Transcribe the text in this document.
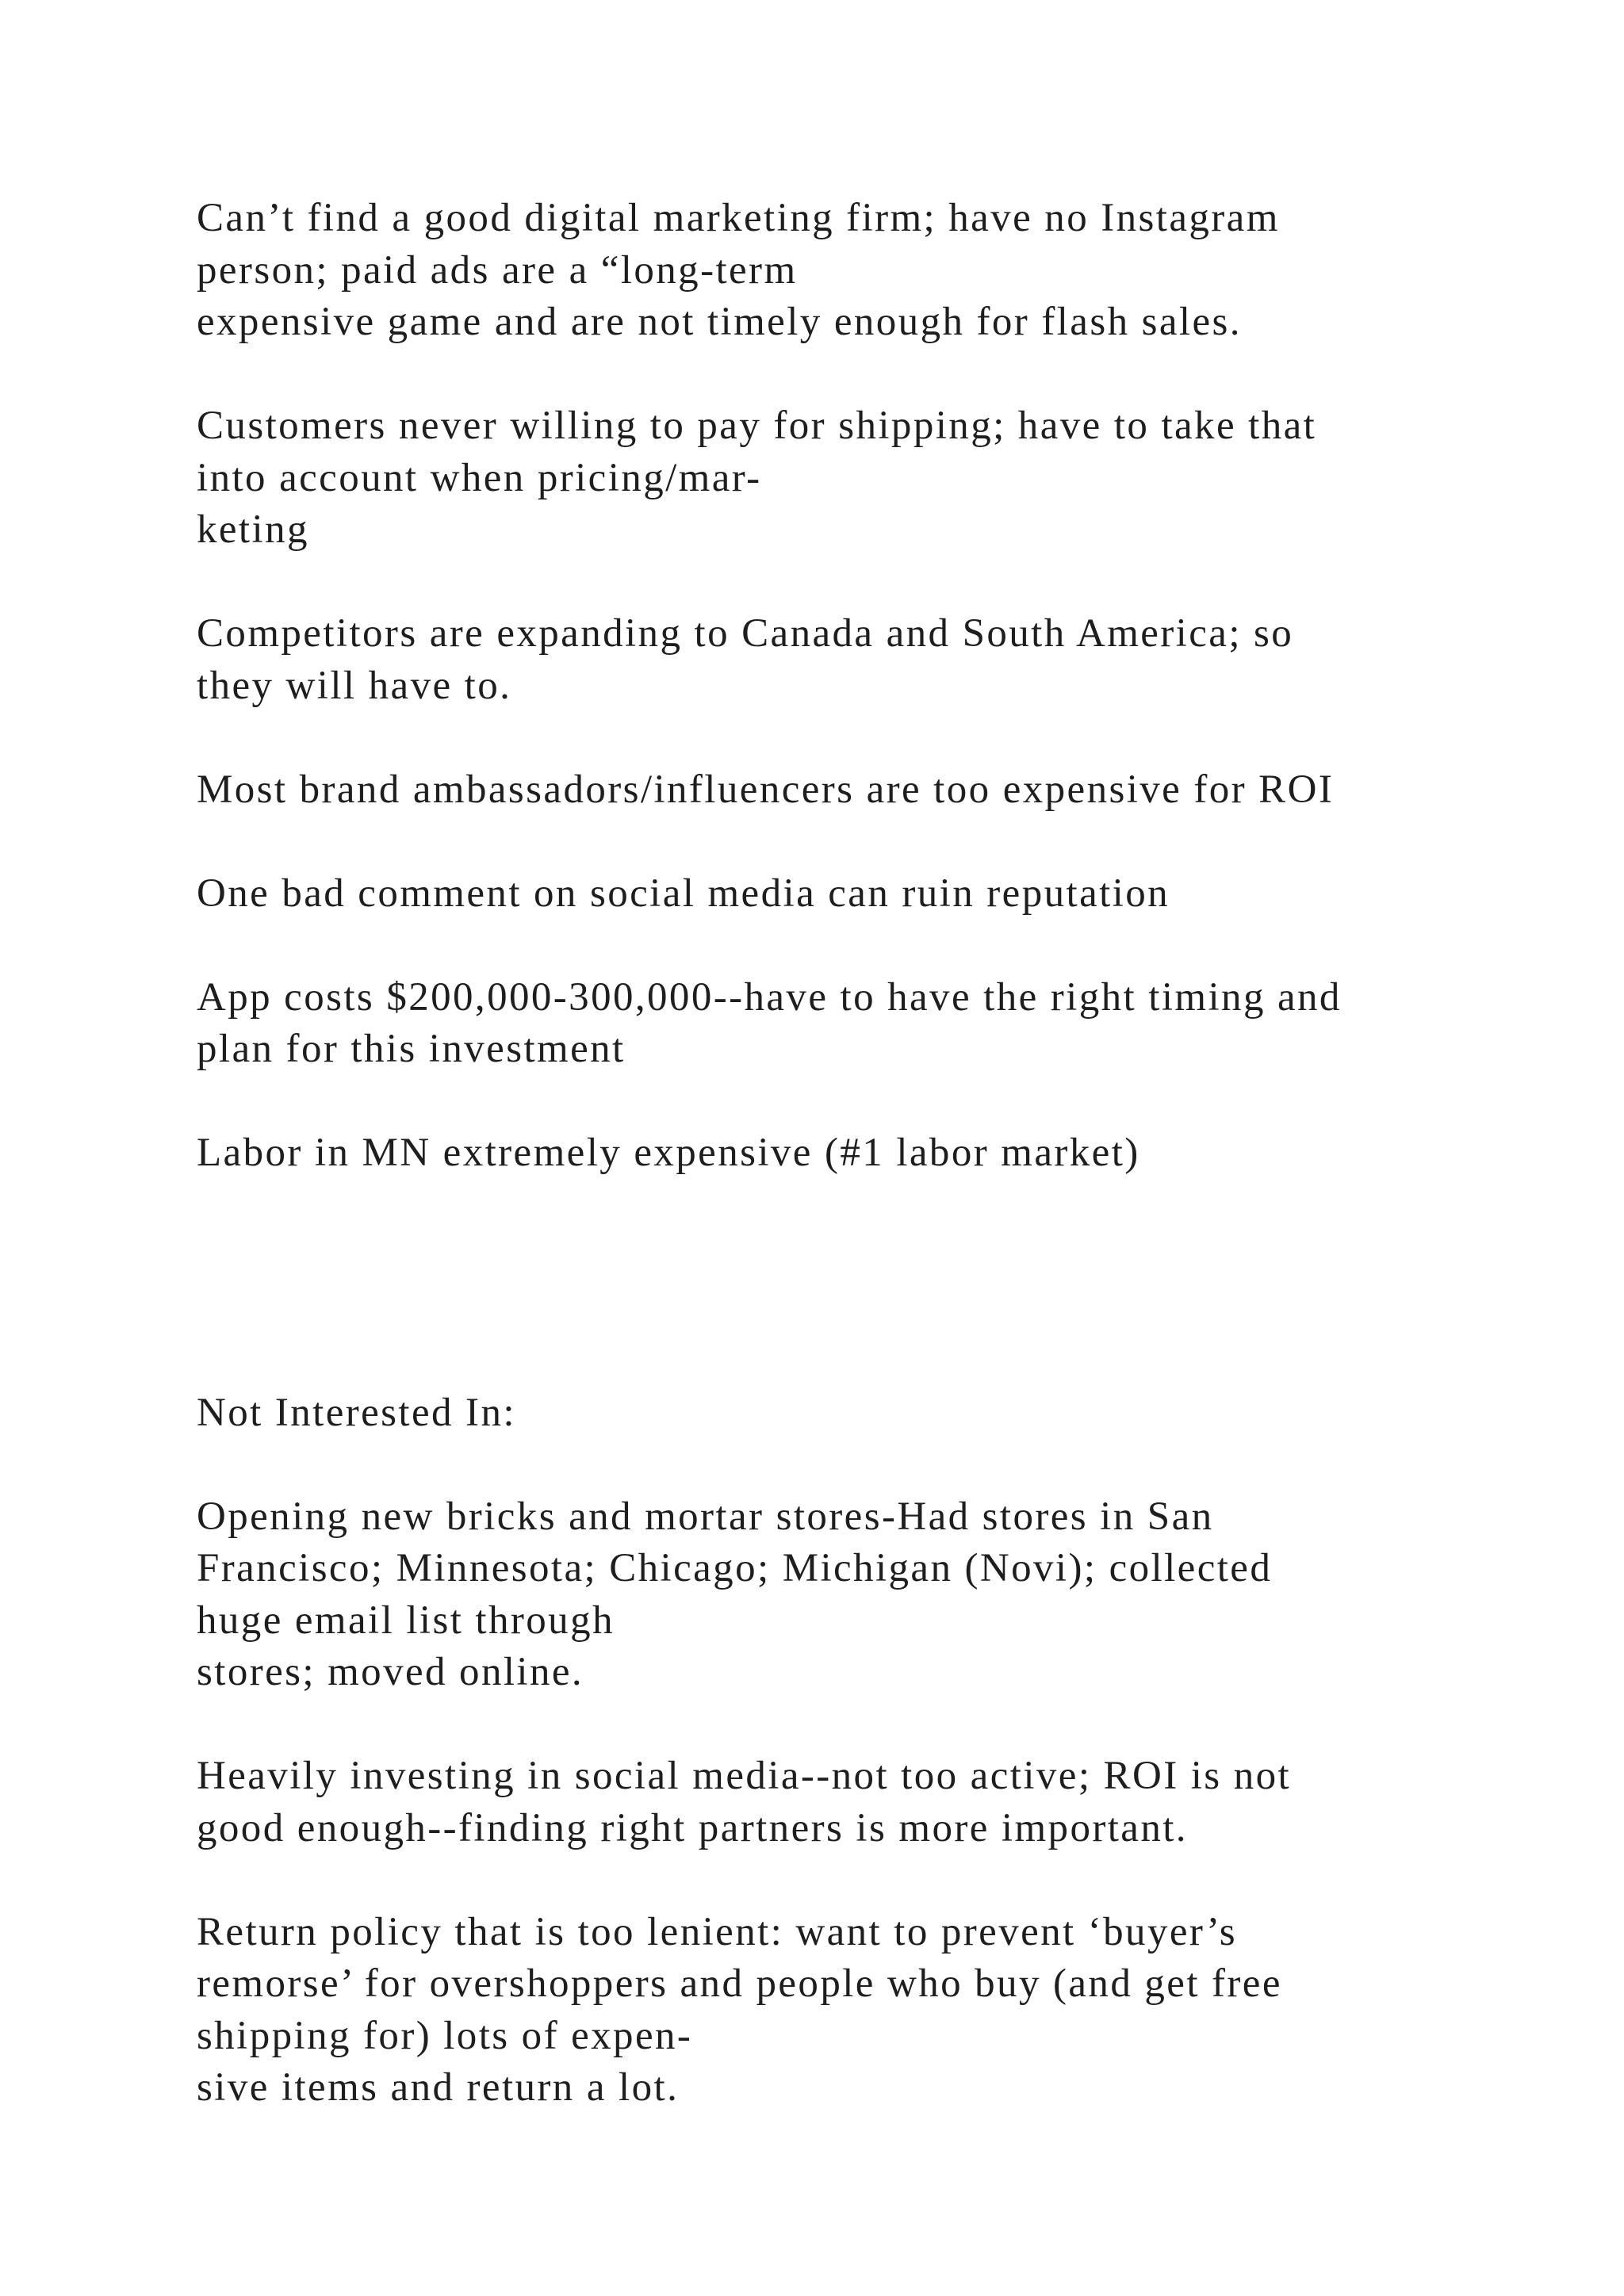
Can’t find a good digital marketing firm; have no Instagram
person; paid ads are a “long-term
expensive game and are not timely enough for flash sales.

Customers never willing to pay for shipping; have to take that
into account when pricing/mar-
keting

Competitors are expanding to Canada and South America; so
they will have to.

Most brand ambassadors/influencers are too expensive for ROI

One bad comment on social media can ruin reputation

App costs $200,000-300,000--have to have the right timing and
plan for this investment

Labor in MN extremely expensive (#1 labor market)

Not Interested In:

Opening new bricks and mortar stores-Had stores in San
Francisco; Minnesota; Chicago; Michigan (Novi); collected
huge email list through
stores; moved online.

Heavily investing in social media--not too active; ROI is not
good enough--finding right partners is more important.

Return policy that is too lenient: want to prevent ‘buyer’s
remorse’ for overshoppers and people who buy (and get free
shipping for) lots of expen-
sive items and return a lot.
